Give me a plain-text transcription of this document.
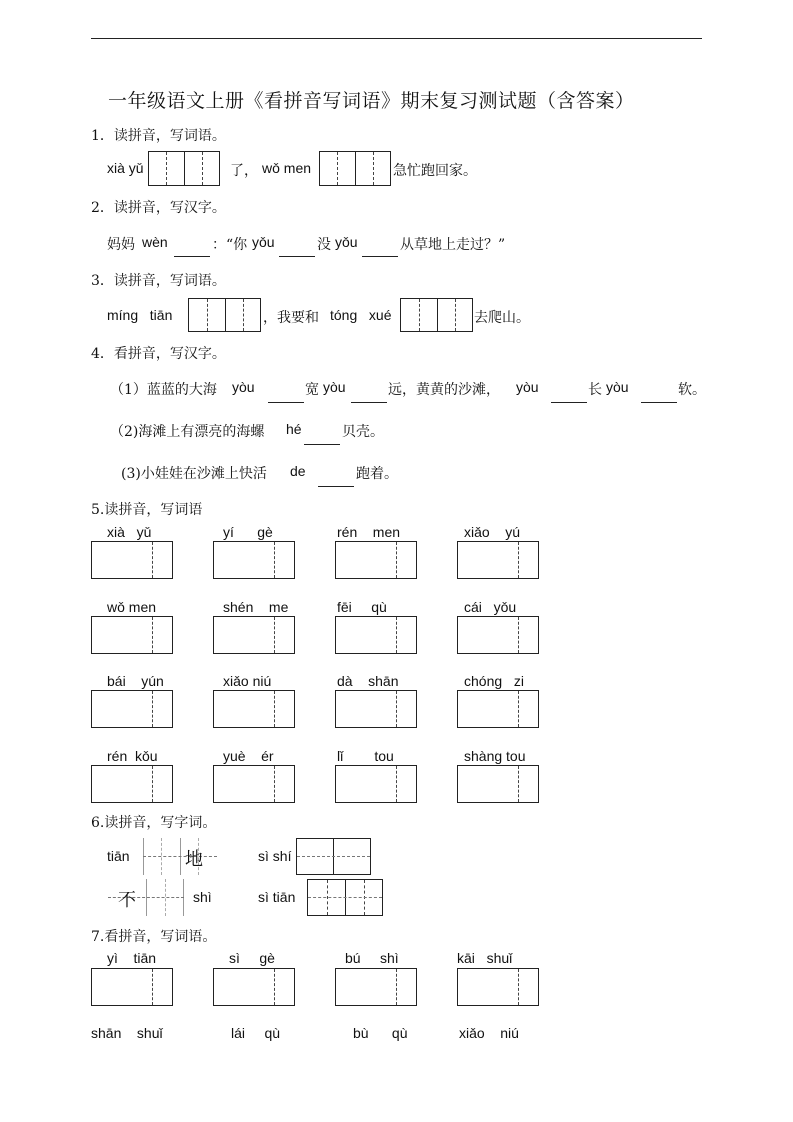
一年级语文上册《看拼音写词语》期末复习测试题（含答案）
1．读拼音，写词语。
xià yǔ	了， wǒ men	急忙跑回家。
2．读拼音，写汉字。
妈妈 wèn	：“你 yǒu	没 yǒu	从草地上走过？”
3．读拼音，写词语。
míng   tiān	，我要和 tóng   xué	去爬山。
4．看拼音，写汉字。
（1）蓝蓝的大海 yòu	宽 yòu	远，黄黄的沙滩， yòu	长 yòu	软。
（2)海滩上有漂亮的海螺 hé	贝壳。
(3)小娃娃在沙滩上快活 de	跑着。
5.读拼音，写词语
xià   yǔ	yí      gè	rén    men	xiǎo    yú
wǒ men	shén    me	fēi     qù	cái   yǒu
bái    yún	xiǎo niú	dà    shān	chóng   zi
rén  kǒu	yuè    ér	lǐ        tou	shàng tou
6.读拼音，写字词。
tiān	地	sì shí
不	shì	sì tiān
7.看拼音，写词语。
yì    tiān	sì     gè	bú     shì	kāi   shuǐ
shān    shuǐ	lái     qù	bù      qù	xiǎo    niú
